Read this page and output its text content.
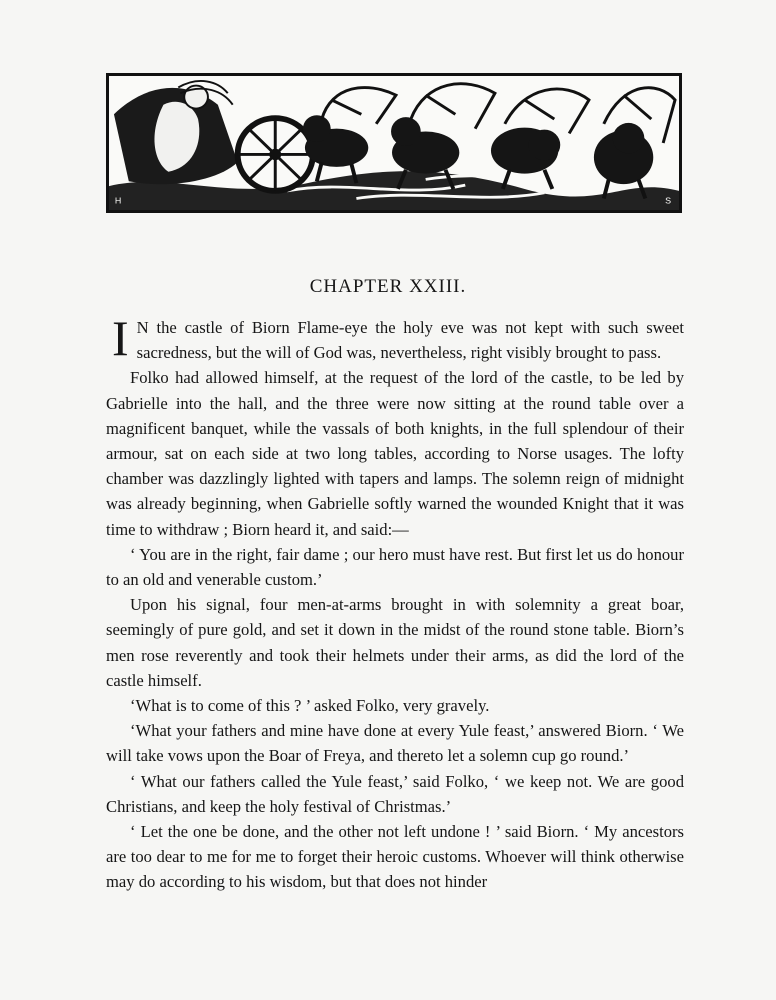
H	S
CHAPTER XXIII.

I N the castle of Biorn Flame-eye the holy eve was not kept with such sweet sacredness, but the will of God was, nevertheless, right visibly brought to pass.

Folko had allowed himself, at the request of the lord of the castle, to be led by Gabrielle into the hall, and the three were now sitting at the round table over a magnificent banquet, while the vassals of both knights, in the full splendour of their armour, sat on each side at two long tables, according to Norse usages. The lofty chamber was dazzlingly lighted with tapers and lamps. The solemn reign of midnight was already beginning, when Gabrielle softly warned the wounded Knight that it was time to withdraw ; Biorn heard it, and said:—

‘ You are in the right, fair dame ; our hero must have rest. But first let us do honour to an old and venerable custom.’

Upon his signal, four men-at-arms brought in with solemnity a great boar, seemingly of pure gold, and set it down in the midst of the round stone table. Biorn’s men rose reverently and took their helmets under their arms, as did the lord of the castle himself.

‘What is to come of this ? ’ asked Folko, very gravely.

‘What your fathers and mine have done at every Yule feast,’ answered Biorn. ‘ We will take vows upon the Boar of Freya, and thereto let a solemn cup go round.’

‘ What our fathers called the Yule feast,’ said Folko, ‘ we keep not. We are good Christians, and keep the holy festival of Christmas.’

‘ Let the one be done, and the other not left undone ! ’ said Biorn. ‘ My ancestors are too dear to me for me to forget their heroic customs. Whoever will think otherwise may do according to his wisdom, but that does not hinder
